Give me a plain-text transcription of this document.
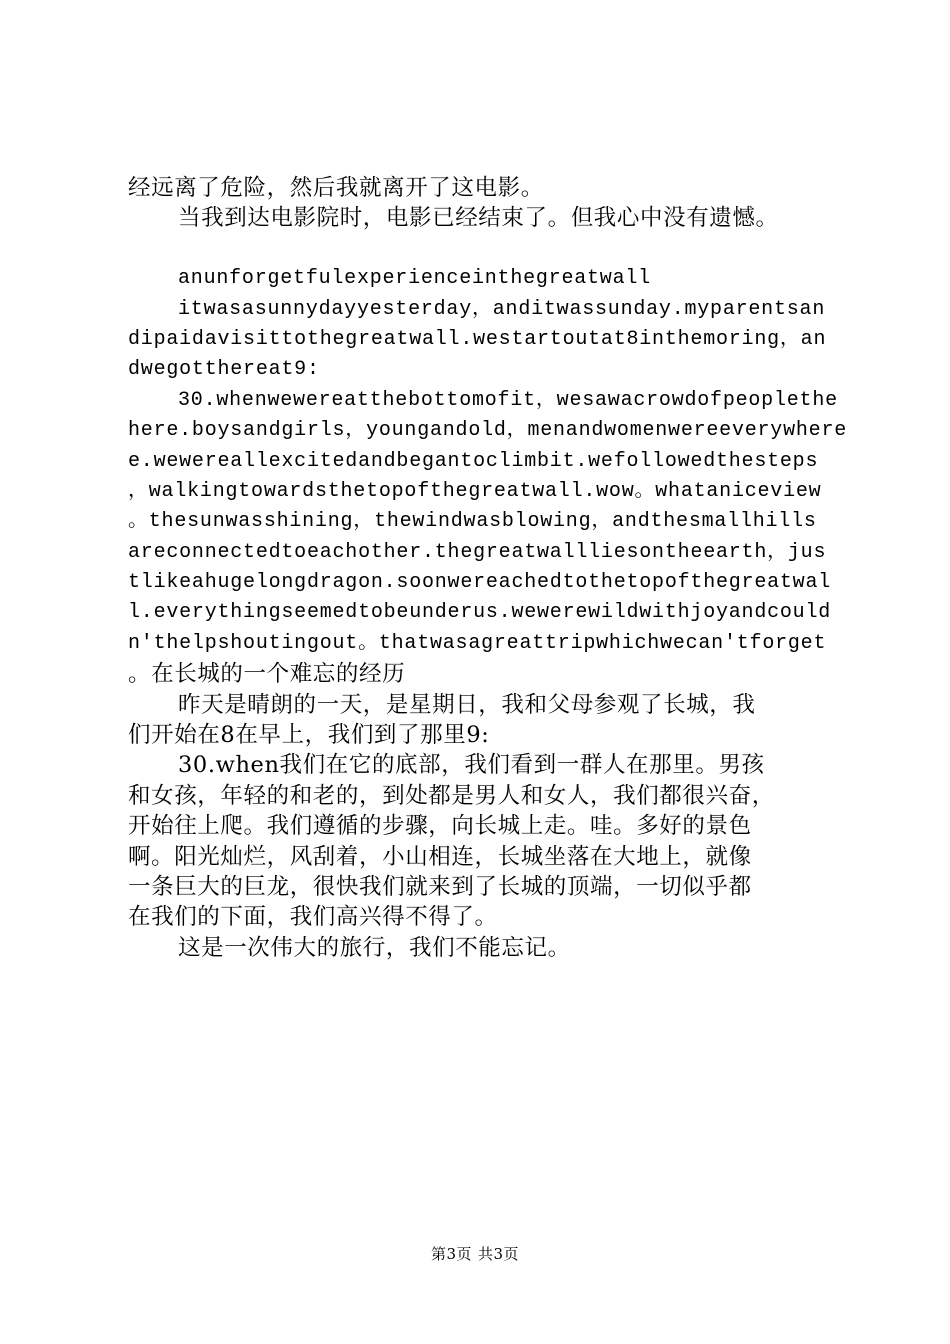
经远离了危险，然后我就离开了这电影。
当我到达电影院时，电影已经结束了。但我心中没有遗憾。
anunforgetfulexperienceinthegreatwall
itwasasunnydayyesterday，anditwassunday.myparentsan
dipaidavisittothegreatwall.westartoutat8inthemoring，an
dwegotthereat9:
30.whenwewereatthebottomofit，wesawacrowdofpeoplethe
here.boysandgirls，youngandold，menandwomenwereeverywhere
e.wewereallexcitedandbegantoclimbit.wefollowedthesteps
，walkingtowardsthetopofthegreatwall.wow。whataniceview
。thesunwasshining，thewindwasblowing，andthesmallhills
areconnectedtoeachother.thegreatwallliesontheearth，jus
tlikeahugelongdragon.soonwereachedtothetopofthegreatwal
l.everythingseemedtobeunderus.wewerewildwithjoyandcould
n'thelpshoutingout。thatwasagreattripwhichwecan'tforget
。在长城的一个难忘的经历
昨天是晴朗的一天，是星期日，我和父母参观了长城，我
们开始在8在早上，我们到了那里9:
30.when我们在它的底部，我们看到一群人在那里。男孩
和女孩，年轻的和老的，到处都是男人和女人，我们都很兴奋，
开始往上爬。我们遵循的步骤，向长城上走。哇。多好的景色
啊。阳光灿烂，风刮着，小山相连，长城坐落在大地上，就像
一条巨大的巨龙，很快我们就来到了长城的顶端，一切似乎都
在我们的下面，我们高兴得不得了。
这是一次伟大的旅行，我们不能忘记。
第3页 共3页
